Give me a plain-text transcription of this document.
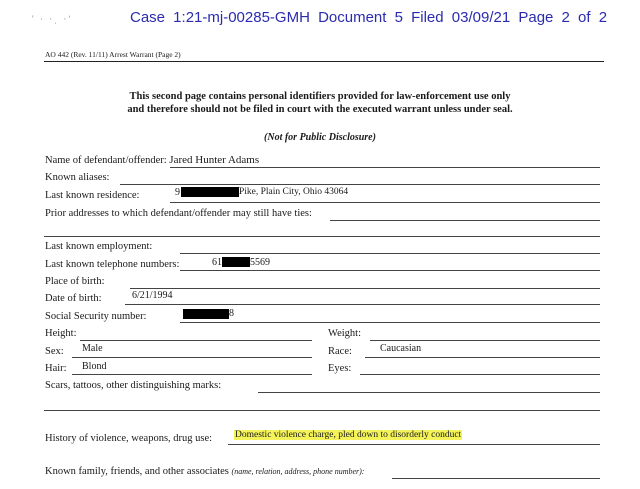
' · ·ˌ ·ʹ	Case 1:21-mj-00285-GMH Document 5 Filed 03/09/21 Page 2 of 2
AO 442 (Rev. 11/11) Arrest Warrant (Page 2)
This second page contains personal identifiers provided for law-enforcement use only
and therefore should not be filed in court with the executed warrant unless under seal.
(Not for Public Disclosure)
Name of defendant/offender: Jared Hunter Adams
Known aliases:
Last known residence:	9	Pike, Plain City, Ohio 43064
Prior addresses to which defendant/offender may still have ties:
Last known employment:
Last known telephone numbers:	61	5569
Place of birth:
Date of birth:	6/21/1994
Social Security number:	8
Height:	Weight:
Sex: Male	Race:	Caucasian
Hair: Blond	Eyes:
Scars, tattoos, other distinguishing marks:
History of violence, weapons, drug use: Domestic violence charge, pled down to disorderly conduct
Known family, friends, and other associates (name, relation, address, phone number):
